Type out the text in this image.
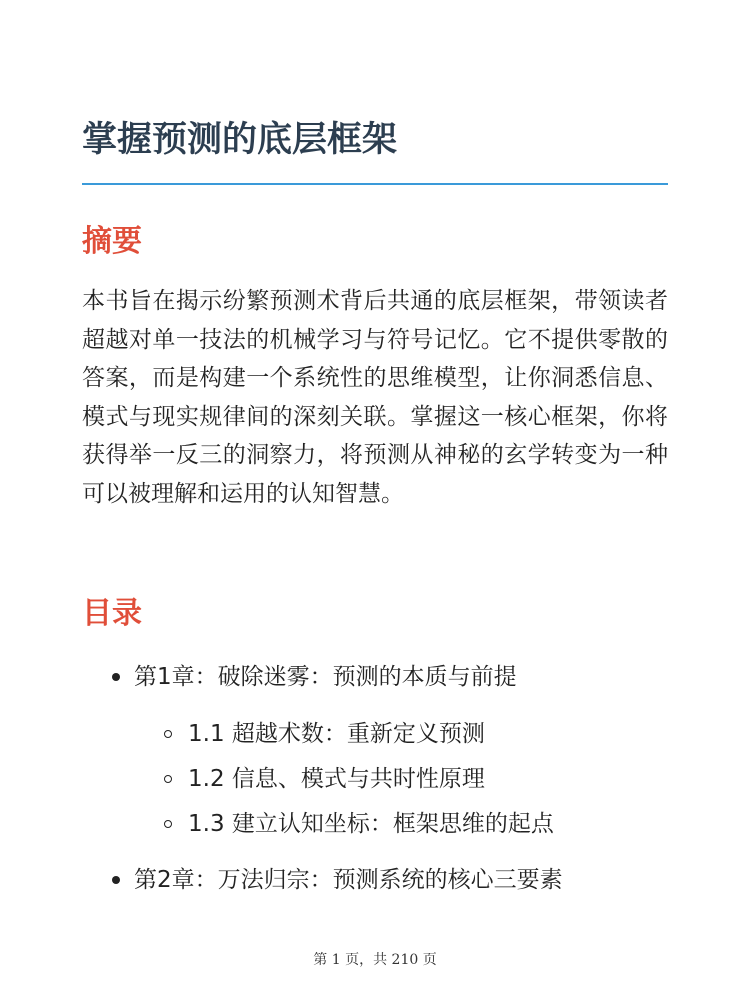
掌握预测的底层框架
摘要

本书旨在揭示纷繁预测术背后共通的底层框架，带领读者超越对单一技法的机械学习与符号记忆。它不提供零散的答案，而是构建一个系统性的思维模型，让你洞悉信息、模式与现实规律间的深刻关联。掌握这一核心框架，你将获得举一反三的洞察力，将预测从神秘的玄学转变为一种可以被理解和运用的认知智慧。

目录
第1章：破除迷雾：预测的本质与前提
1.1 超越术数：重新定义预测
1.2 信息、模式与共时性原理
1.3 建立认知坐标：框架思维的起点
第2章：万法归宗：预测系统的核心三要素
第 1 页，共 210 页
